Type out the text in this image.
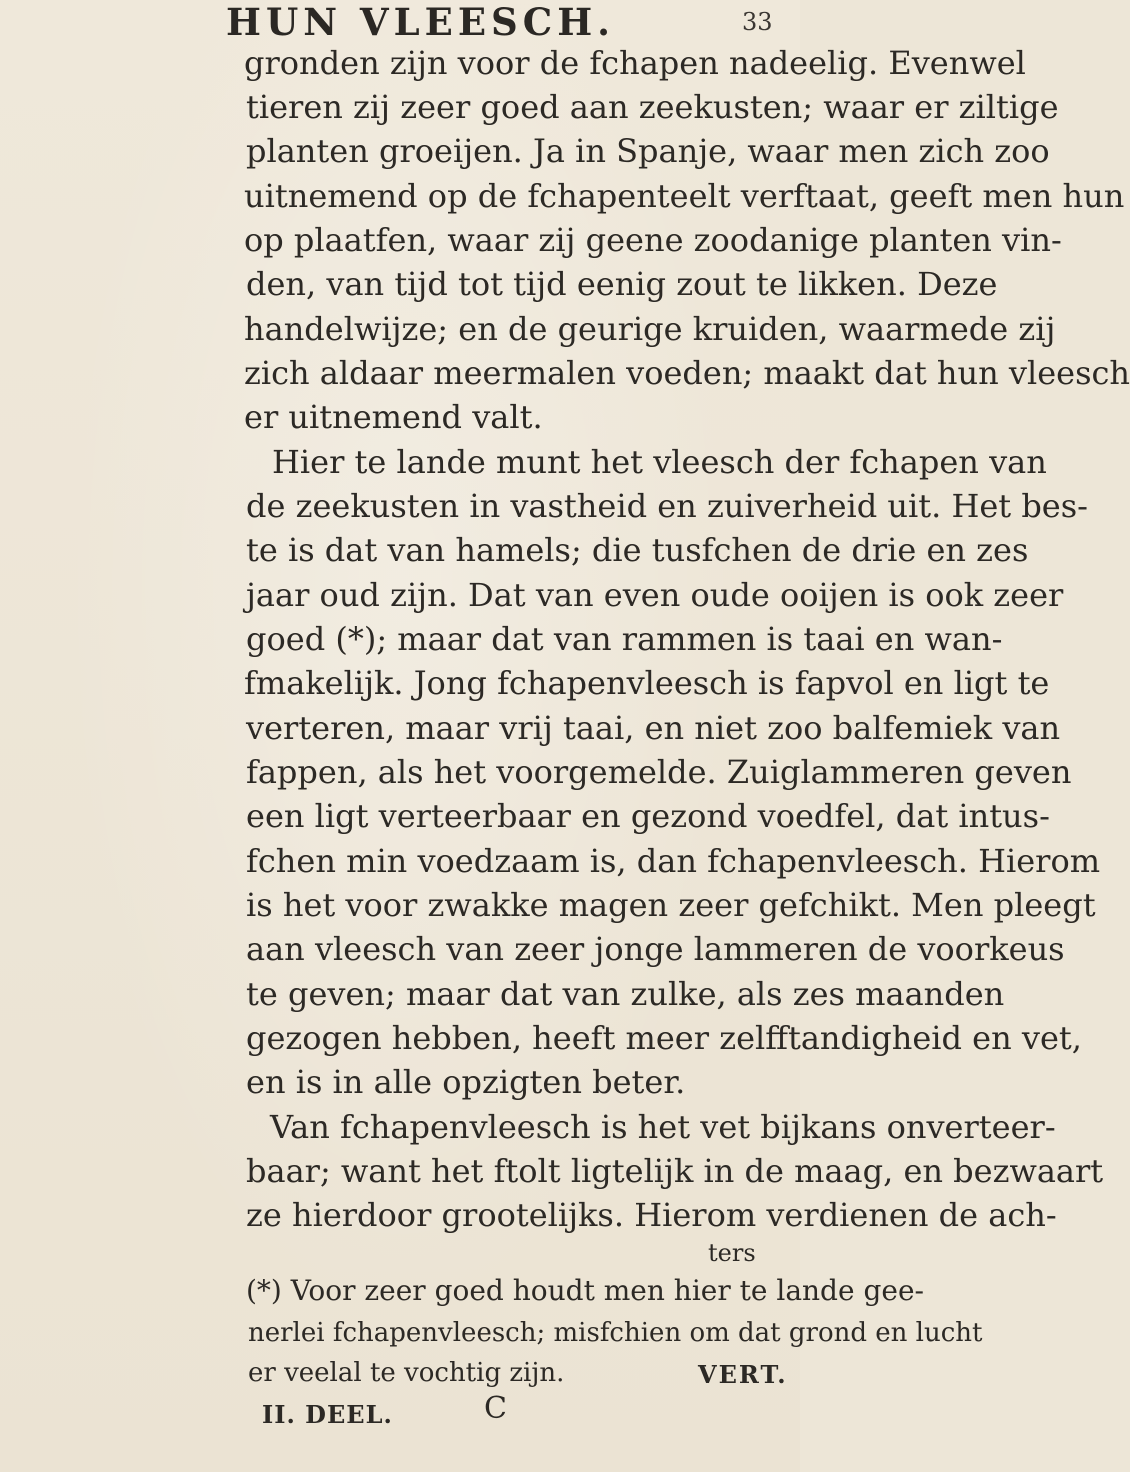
HUN VLEESCH.	33
gronden zijn voor de fchapen nadeelig. Evenwel
tieren zij zeer goed aan zeekusten; waar er ziltige
planten groeijen. Ja in Spanje, waar men zich zoo
uitnemend op de fchapenteelt verftaat, geeft men hun
op plaatfen, waar zij geene zoodanige planten vin-
den, van tijd tot tijd eenig zout te likken. Deze
handelwijze; en de geurige kruiden, waarmede zij
zich aldaar meermalen voeden; maakt dat hun vleesch
er uitnemend valt.
Hier te lande munt het vleesch der fchapen van
de zeekusten in vastheid en zuiverheid uit. Het bes-
te is dat van hamels; die tusfchen de drie en zes
jaar oud zijn. Dat van even oude ooijen is ook zeer
goed (*); maar dat van rammen is taai en wan-
fmakelijk. Jong fchapenvleesch is fapvol en ligt te
verteren, maar vrij taai, en niet zoo balfemiek van
fappen, als het voorgemelde. Zuiglammeren geven
een ligt verteerbaar en gezond voedfel, dat intus-
fchen min voedzaam is, dan fchapenvleesch. Hierom
is het voor zwakke magen zeer gefchikt. Men pleegt
aan vleesch van zeer jonge lammeren de voorkeus
te geven; maar dat van zulke, als zes maanden
gezogen hebben, heeft meer zelfftandigheid en vet,
en is in alle opzigten beter.
Van fchapenvleesch is het vet bijkans onverteer-
baar; want het ftolt ligtelijk in de maag, en bezwaart
ze hierdoor grootelijks. Hierom verdienen de ach-
ters
(*) Voor zeer goed houdt men hier te lande gee-
nerlei fchapenvleesch; misfchien om dat grond en lucht
er veelal te vochtig zijn.	VERT.
II. DEEL.	C
